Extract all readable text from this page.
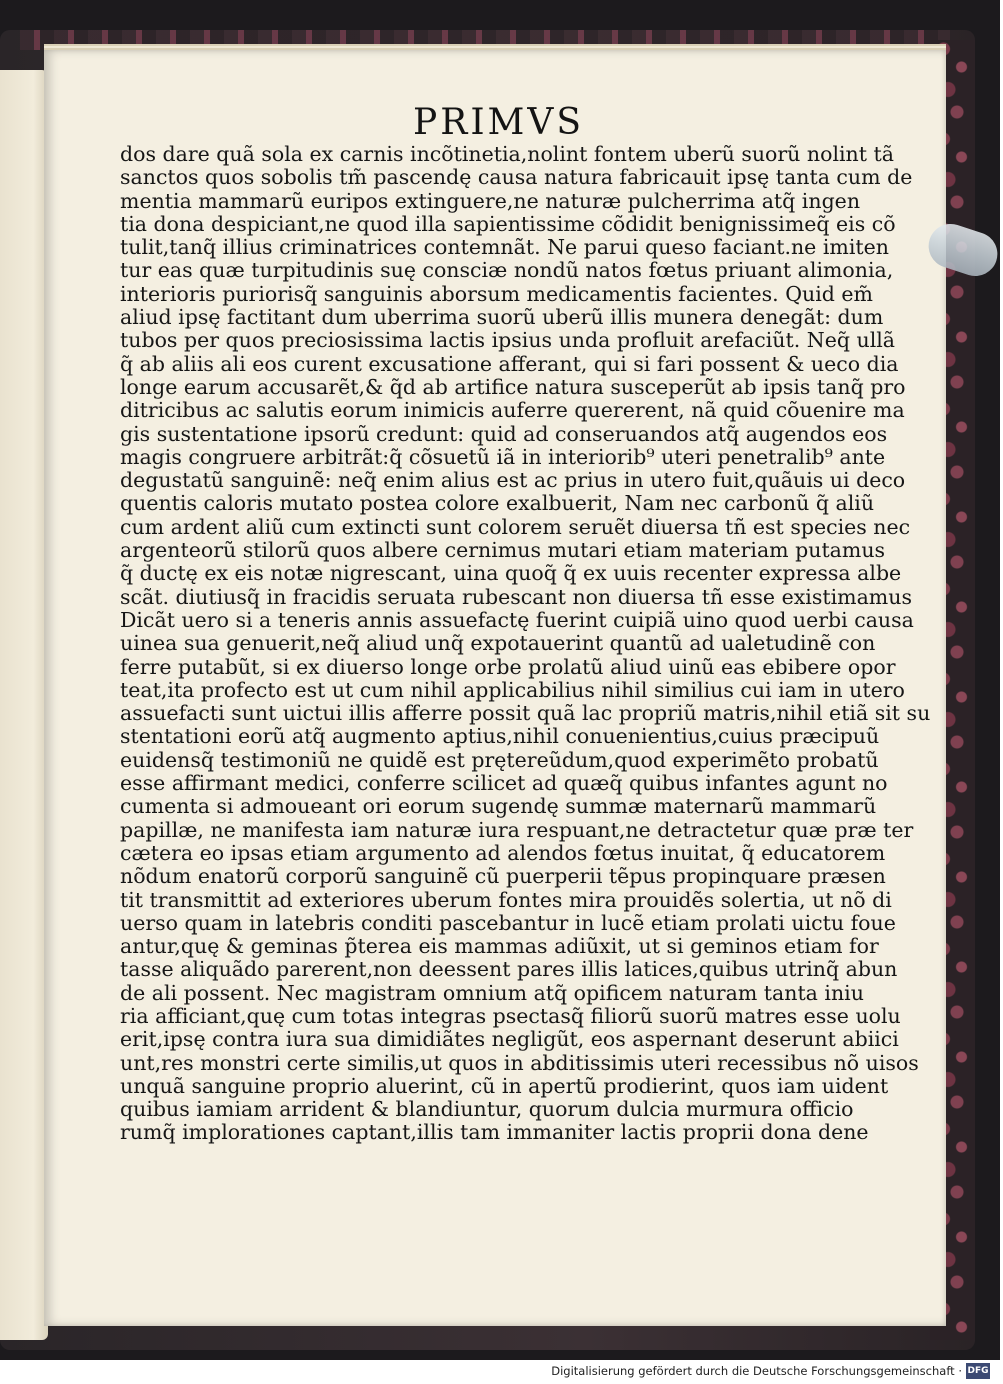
PRIMVS
dos dare quã sola ex carnis incõtinetia,nolint fontem uberũ suorũ nolint tã
sanctos quos sobolis tm̃ pascendę causa natura fabricauit ipsę tanta cum de
mentia mammarũ euripos extinguere,ne naturæ pulcherrima atq̃ ingen
tia dona despiciant,ne quod illa sapientissime cõdidit benignissimeq̃ eis cõ
tulit,tanq̃ illius criminatrices contemnãt. Ne parui queso faciant.ne imiten
tur eas quæ turpitudinis suę consciæ nondũ natos fœtus priuant alimonia,
interioris puriorisq̃ sanguinis aborsum medicamentis facientes. Quid em̃
aliud ipsę factitant dum uberrima suorũ uberũ illis munera denegãt: dum
tubos per quos preciosissima lactis ipsius unda profluit arefaciũt. Neq̃ ullã
q̃ ab aliis ali eos curent excusatione afferant, qui si fari possent & ueco dia
longe earum accusarẽt,& q̃d ab artifice natura susceperũt ab ipsis tanq̃ pro
ditricibus ac salutis eorum inimicis auferre quererent, nã quid cõuenire ma
gis sustentatione ipsorũ credunt: quid ad conseruandos atq̃ augendos eos
magis congruere arbitrãt:q̃ cõsuetũ iã in interiorib⁹ uteri penetralib⁹ ante
degustatũ sanguinẽ: neq̃ enim alius est ac prius in utero fuit,quãuis ui deco
quentis caloris mutato postea colore exalbuerit, Nam nec carbonũ q̃ aliũ
cum ardent aliũ cum extincti sunt colorem seruẽt diuersa tñ est species nec
argenteorũ stilorũ quos albere cernimus mutari etiam materiam putamus
q̃ ductę ex eis notæ nigrescant, uina quoq̃ q̃ ex uuis recenter expressa albe
scãt. diutiusq̃ in fracidis seruata rubescant non diuersa tñ esse existimamus
Dicãt uero si a teneris annis assuefactę fuerint cuipiã uino quod uerbi causa
uinea sua genuerit,neq̃ aliud unq̃ expotauerint quantũ ad ualetudinẽ con
ferre putabũt, si ex diuerso longe orbe prolatũ aliud uinũ eas ebibere opor
teat,ita profecto est ut cum nihil applicabilius nihil similius cui iam in utero
assuefacti sunt uictui illis afferre possit quã lac propriũ matris,nihil etiã sit su
stentationi eorũ atq̃ augmento aptius,nihil conuenientius,cuius præcipuũ
euidensq̃ testimoniũ ne quidẽ est prętereũdum,quod experimẽto probatũ
esse affirmant medici, conferre scilicet ad quæq̃ quibus infantes agunt no
cumenta si admoueant ori eorum sugendę summæ maternarũ mammarũ
papillæ, ne manifesta iam naturæ iura respuant,ne detractetur quæ præ ter
cætera eo ipsas etiam argumento ad alendos fœtus inuitat, q̃ educatorem
nõdum enatorũ corporũ sanguinẽ cũ puerperii tẽpus propinquare præsen
tit transmittit ad exteriores uberum fontes mira prouidẽs solertia, ut nõ di
uerso quam in latebris conditi pascebantur in lucẽ etiam prolati uictu foue
antur,quę & geminas p̃terea eis mammas adiũxit, ut si geminos etiam for
tasse aliquãdo parerent,non deessent pares illis latices,quibus utrinq̃ abun
de ali possent. Nec magistram omnium atq̃ opificem naturam tanta iniu
ria afficiant,quę cum totas integras psectasq̃ filiorũ suorũ matres esse uolu
erit,ipsę contra iura sua dimidiãtes negligũt, eos aspernant deserunt abiici
unt,res monstri certe similis,ut quos in abditissimis uteri recessibus nõ uisos
unquã sanguine proprio aluerint, cũ in apertũ prodierint, quos iam uident
quibus iamiam arrident & blandiuntur, quorum dulcia murmura officio
rumq̃ implorationes captant,illis tam immaniter lactis proprii dona dene
Digitalisierung gefördert durch die Deutsche Forschungsgemeinschaft · DFG
